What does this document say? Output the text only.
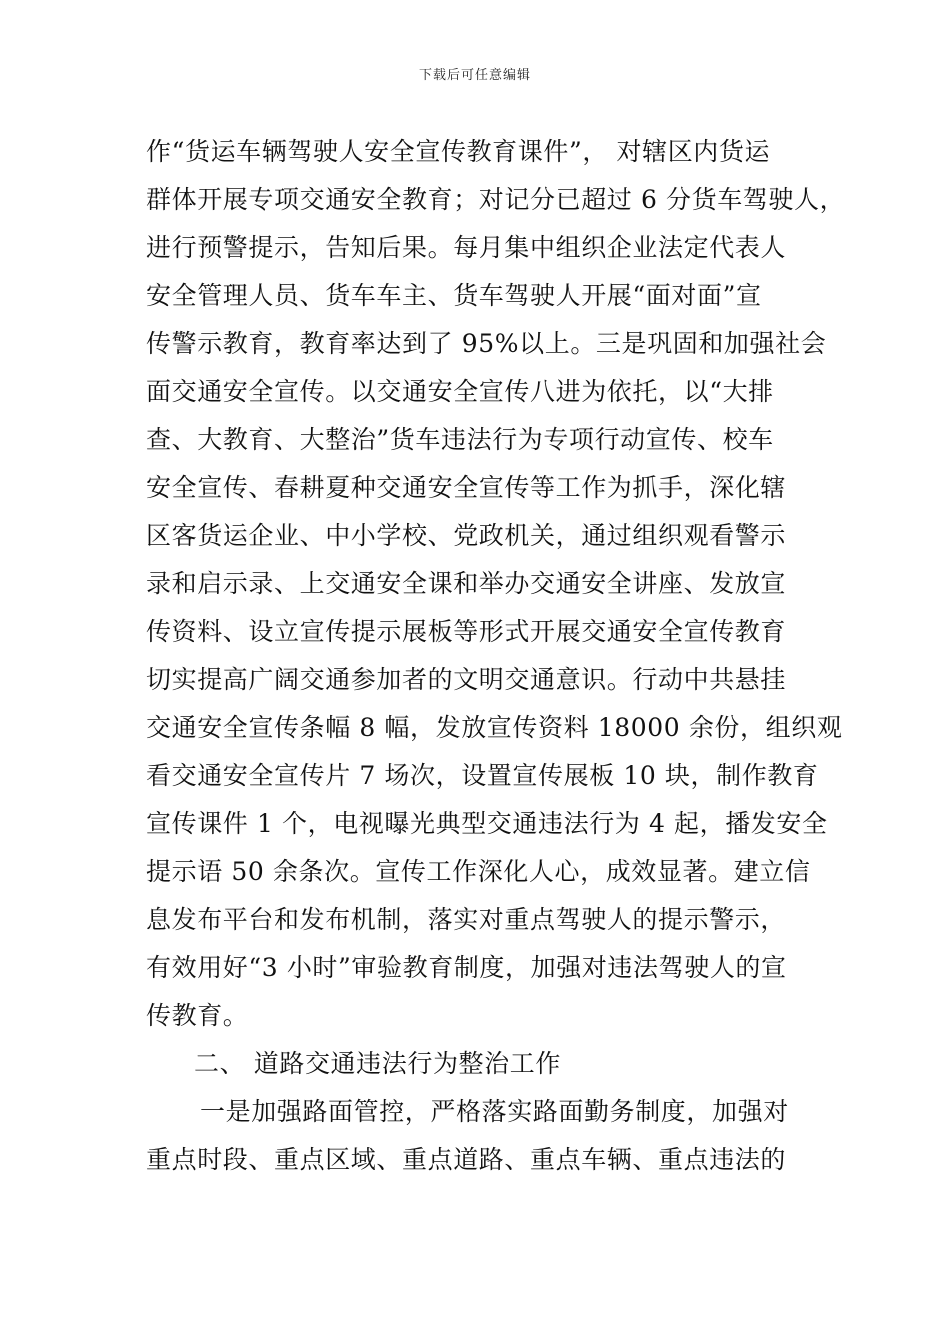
下载后可任意编辑
作“货运车辆驾驶人安全宣传教育课件”， 对辖区内货运
群体开展专项交通安全教育；对记分已超过 6 分货车驾驶人，
进行预警提示，告知后果。每月集中组织企业法定代表人
安全管理人员、货车车主、货车驾驶人开展“面对面”宣
传警示教育，教育率达到了 95%以上。三是巩固和加强社会
面交通安全宣传。以交通安全宣传八进为依托，以“大排
查、大教育、大整治”货车违法行为专项行动宣传、校车
安全宣传、春耕夏种交通安全宣传等工作为抓手，深化辖
区客货运企业、中小学校、党政机关，通过组织观看警示
录和启示录、上交通安全课和举办交通安全讲座、发放宣
传资料、设立宣传提示展板等形式开展交通安全宣传教育
切实提高广阔交通参加者的文明交通意识。行动中共悬挂
交通安全宣传条幅 8 幅，发放宣传资料 18000 余份，组织观
看交通安全宣传片 7 场次，设置宣传展板 10 块，制作教育
宣传课件 1 个，电视曝光典型交通违法行为 4 起，播发安全
提示语 50 余条次。宣传工作深化人心，成效显著。建立信
息发布平台和发布机制，落实对重点驾驶人的提示警示，
有效用好“3 小时”审验教育制度，加强对违法驾驶人的宣
传教育。
二、 道路交通违法行为整治工作
一是加强路面管控，严格落实路面勤务制度，加强对
重点时段、重点区域、重点道路、重点车辆、重点违法的
